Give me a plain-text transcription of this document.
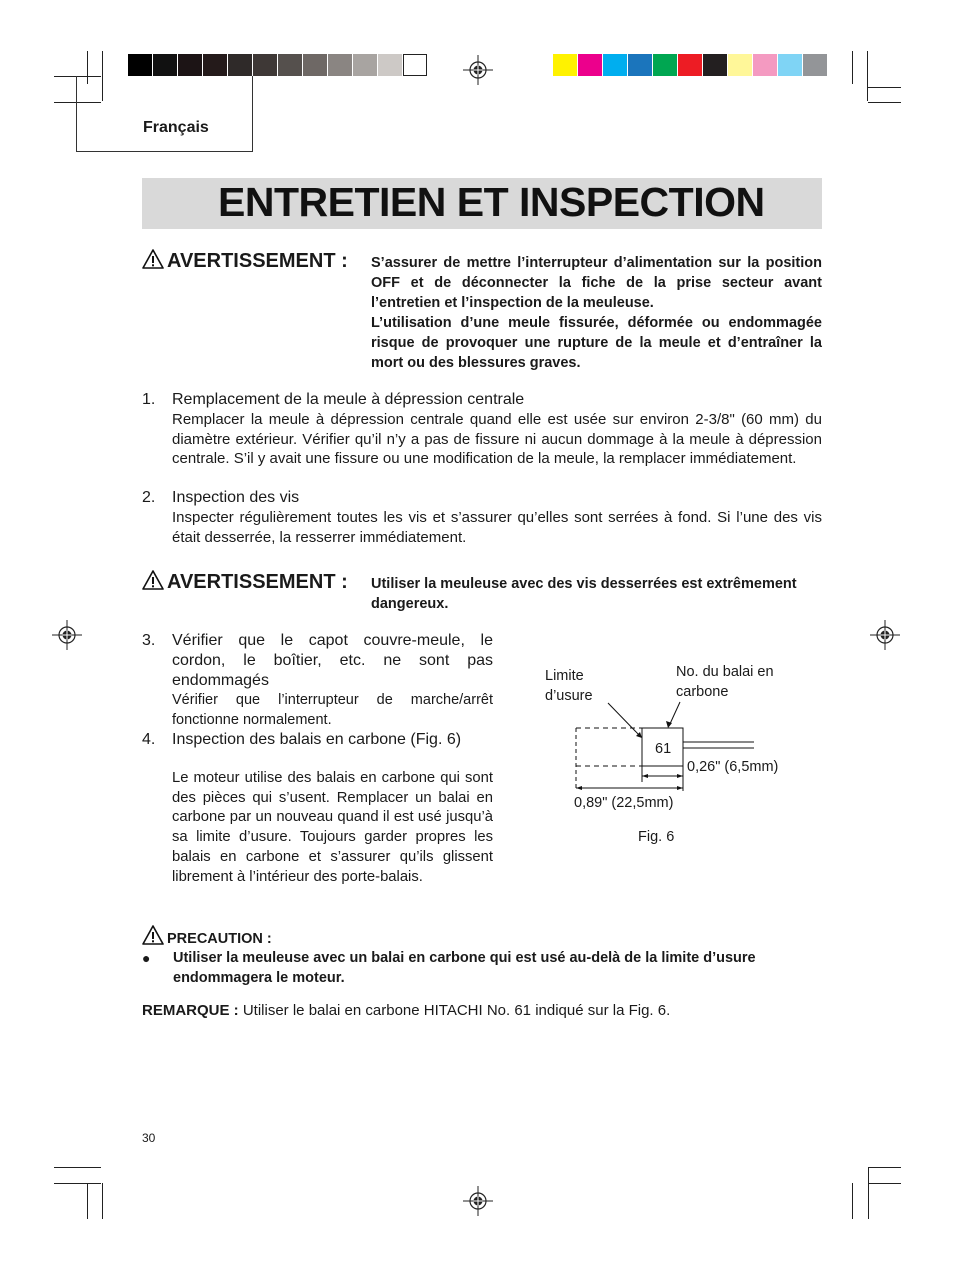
Français
ENTRETIEN ET INSPECTION
AVERTISSEMENT : S’assurer de mettre l’interrupteur d’alimentation sur la position OFF et de déconnecter la fiche de la prise secteur avant l’entretien et l’inspection de la meuleuse.

L’utilisation d’une meule fissurée, déformée ou endommagée risque de provoquer une rupture de la meule et d’entraîner la mort ou des blessures graves.

1. Remplacement de la meule à dépression centrale

Remplacer la meule à dépression centrale quand elle est usée sur environ 2-3/8" (60 mm) du diamètre extérieur. Vérifier qu’il n’y a pas de fissure ni aucun dommage à la meule à dépression centrale. S’il y avait une fissure ou une modification de la meule, la remplacer immédiatement.

2. Inspection des vis

Inspecter régulièrement toutes les vis et s’assurer qu’elles sont serrées à fond. Si l’une des vis était desserrée, la resserrer immédiatement.

AVERTISSEMENT : Utiliser la meuleuse avec des vis desserrées est extrêmement dangereux.
3. Vérifier que le capot couvre-meule, le cordon, le boîtier, etc. ne sont pas endommagés

Vérifier que l’interrupteur de marche/arrêt fonctionne normalement.

4. Inspection des balais en carbone (Fig. 6)

Le moteur utilise des balais en carbone qui sont des pièces qui s’usent. Remplacer un balai en carbone par un nouveau quand il est usé jusqu’à sa limite d’usure. Toujours garder propres les balais en carbone et s’assurer qu’ils glissent librement à l’intérieur des porte-balais.

Limite d’usure
No. du balai en carbone
61
0,26" (6,5mm)
0,89" (22,5mm)
Fig. 6
PRECAUTION :
● Utiliser la meuleuse avec un balai en carbone qui est usé au-delà de la limite d’usure endommagera le moteur.
REMARQUE : Utiliser le balai en carbone HITACHI No. 61 indiqué sur la Fig. 6.
30
